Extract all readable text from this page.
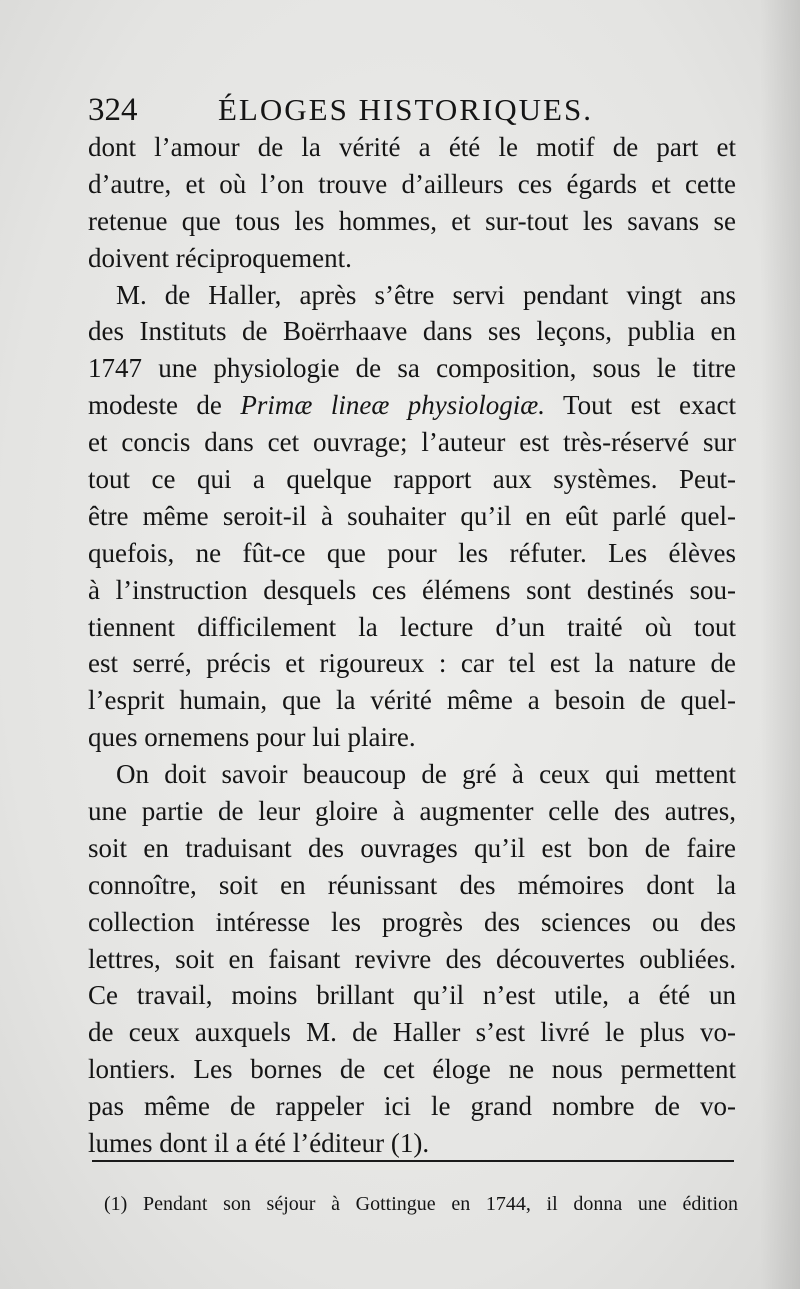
324	ÉLOGES HISTORIQUES.
dont l’amour de la vérité a été le motif de part et
d’autre, et où l’on trouve d’ailleurs ces égards et cette
retenue que tous les hommes, et sur-tout les savans se
doivent réciproquement.
M. de Haller, après s’être servi pendant vingt ans
des Instituts de Boërrhaave dans ses leçons, publia en
1747 une physiologie de sa composition, sous le titre
modeste de Primæ lineæ physiologiæ. Tout est exact
et concis dans cet ouvrage; l’auteur est très-réservé sur
tout ce qui a quelque rapport aux systèmes. Peut-
être même seroit-il à souhaiter qu’il en eût parlé quel-
quefois, ne fût-ce que pour les réfuter. Les élèves
à l’instruction desquels ces élémens sont destinés sou-
tiennent difficilement la lecture d’un traité où tout
est serré, précis et rigoureux : car tel est la nature de
l’esprit humain, que la vérité même a besoin de quel-
ques ornemens pour lui plaire.
On doit savoir beaucoup de gré à ceux qui mettent
une partie de leur gloire à augmenter celle des autres,
soit en traduisant des ouvrages qu’il est bon de faire
connoître, soit en réunissant des mémoires dont la
collection intéresse les progrès des sciences ou des
lettres, soit en faisant revivre des découvertes oubliées.
Ce travail, moins brillant qu’il n’est utile, a été un
de ceux auxquels M. de Haller s’est livré le plus vo-
lontiers. Les bornes de cet éloge ne nous permettent
pas même de rappeler ici le grand nombre de vo-
lumes dont il a été l’éditeur (1).
(1) Pendant son séjour à Gottingue en 1744, il donna une édition
